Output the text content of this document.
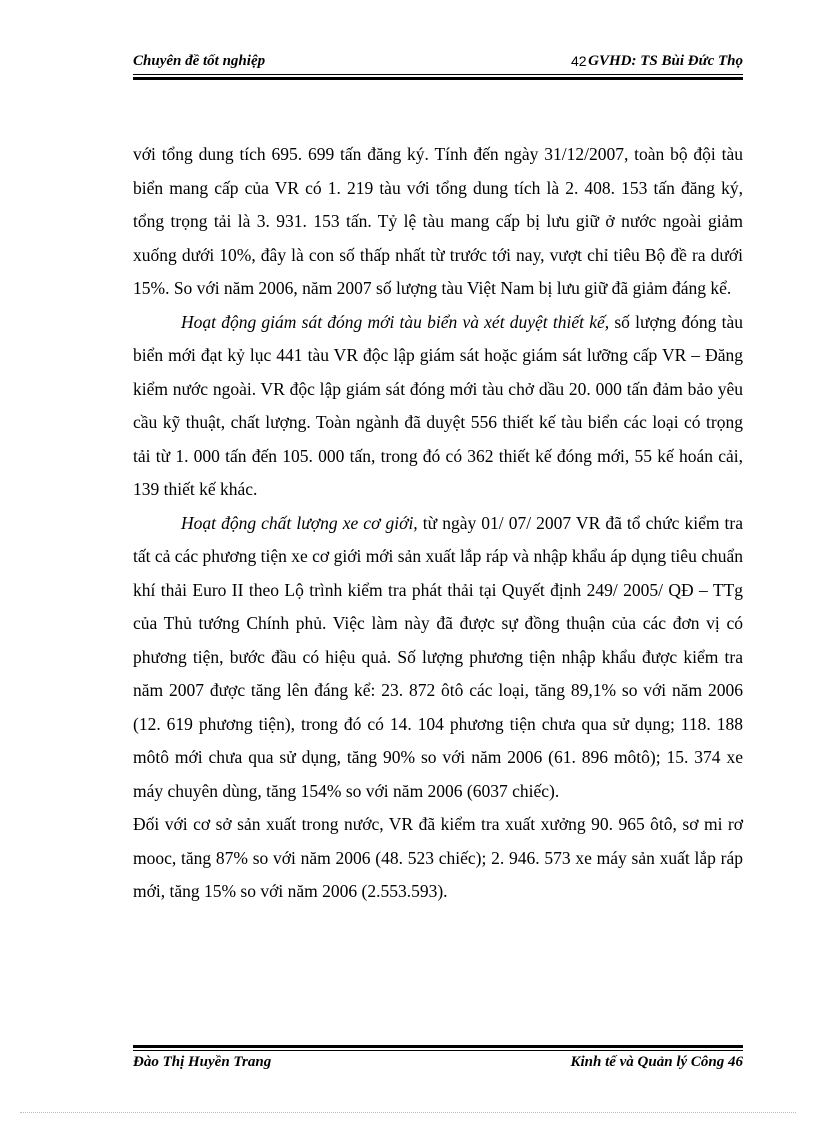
Chuyên đề tốt nghiệp	42 GVHD: TS Bùi Đức Thọ

với tổng dung tích 695. 699 tấn đăng ký. Tính đến ngày 31/12/2007, toàn bộ đội tàu biển mang cấp của VR có 1. 219 tàu với tổng dung tích là 2. 408. 153 tấn đăng ký, tổng trọng tải là 3. 931. 153 tấn. Tỷ lệ tàu mang cấp bị lưu giữ ở nước ngoài giảm xuống dưới 10%, đây là con số thấp nhất từ trước tới nay, vượt chỉ tiêu Bộ đề ra dưới 15%. So với năm 2006, năm 2007 số lượng tàu Việt Nam bị lưu giữ đã giảm đáng kể.

Hoạt động giám sát đóng mới tàu biển và xét duyệt thiết kế, số lượng đóng tàu biển mới đạt kỷ lục 441 tàu VR độc lập giám sát hoặc giám sát lưỡng cấp VR – Đăng kiểm nước ngoài. VR độc lập giám sát đóng mới tàu chở dầu 20. 000 tấn đảm bảo yêu cầu kỹ thuật, chất lượng. Toàn ngành đã duyệt 556 thiết kế tàu biển các loại có trọng tải từ 1. 000 tấn đến 105. 000 tấn, trong đó có 362 thiết kế đóng mới, 55 kế hoán cải, 139 thiết kế khác.

Hoạt động chất lượng xe cơ giới, từ ngày 01/ 07/ 2007 VR đã tổ chức kiểm tra tất cả các phương tiện xe cơ giới mới sản xuất lắp ráp và nhập khẩu áp dụng tiêu chuẩn khí thải Euro II theo Lộ trình kiểm tra phát thải tại Quyết định 249/ 2005/ QĐ – TTg của Thủ tướng Chính phủ. Việc làm này đã được sự đồng thuận của các đơn vị có phương tiện, bước đầu có hiệu quả. Số lượng phương tiện nhập khẩu được kiểm tra năm 2007 được tăng lên đáng kể: 23. 872 ôtô các loại, tăng 89,1% so với năm 2006 (12. 619 phương tiện), trong đó có 14. 104 phương tiện chưa qua sử dụng; 118. 188 môtô mới chưa qua sử dụng, tăng 90% so với năm 2006 (61. 896 môtô); 15. 374 xe máy chuyên dùng, tăng 154% so với năm 2006 (6037 chiếc).

Đối với cơ sở sản xuất trong nước, VR đã kiểm tra xuất xưởng 90. 965 ôtô, sơ mi rơ mooc, tăng 87% so với năm 2006 (48. 523 chiếc); 2. 946. 573 xe máy sản xuất lắp ráp mới, tăng 15% so với năm 2006 (2.553.593).

Đào Thị Huyền Trang	Kinh tế và Quản lý Công 46
